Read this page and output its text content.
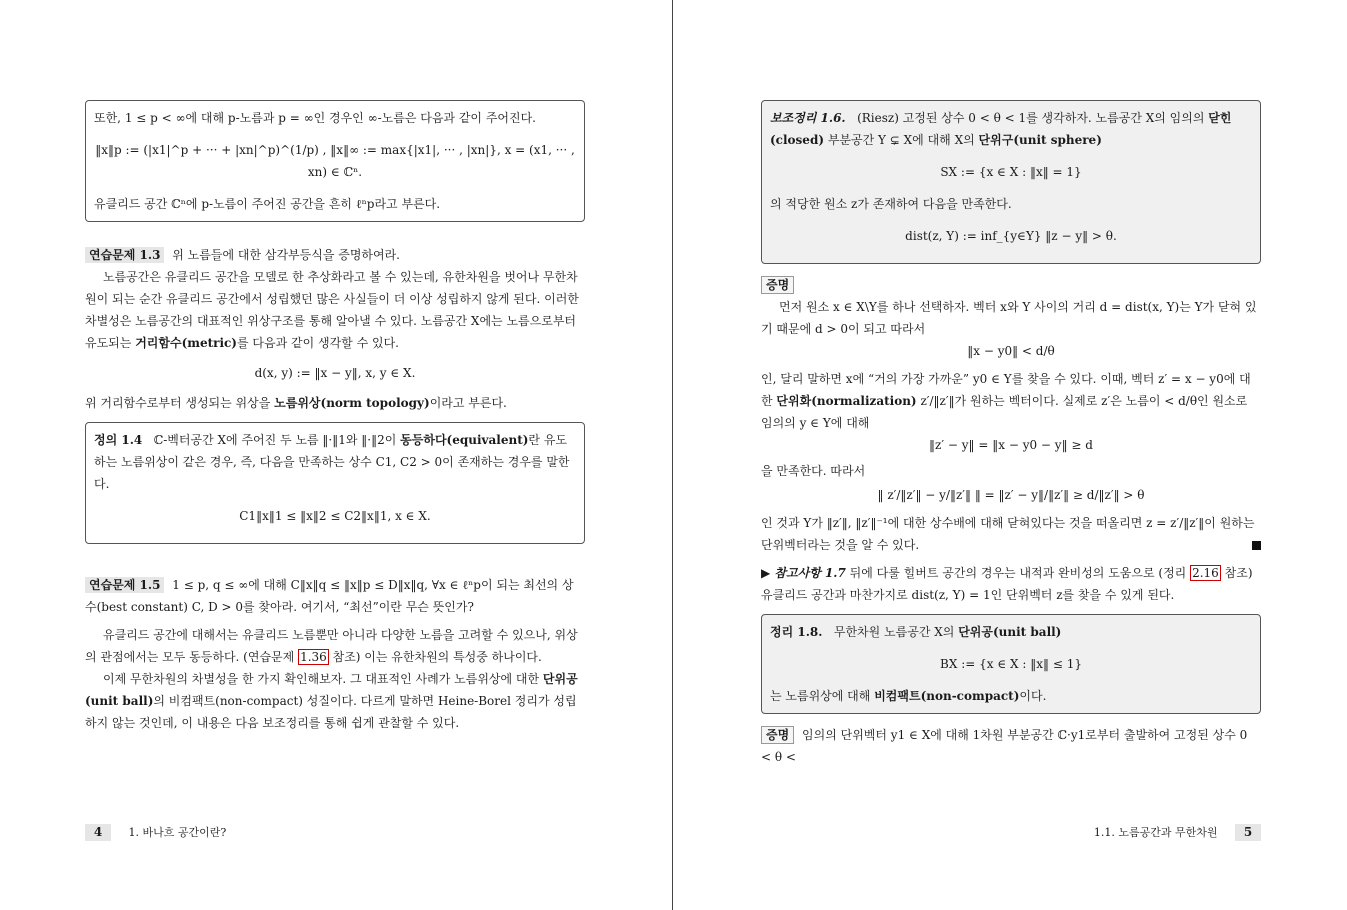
또한, 1 ≤ p < ∞에 대해 p-노름과 p = ∞인 경우인 ∞-노름은 다음과 같이 주어진다.

‖x‖p := (|x1|^p + ··· + |xn|^p)^(1/p) , ‖x‖∞ := max{|x1|, ··· , |xn|}, x = (x1, ··· , xn) ∈ ℂⁿ.

유클리드 공간 ℂⁿ에 p-노름이 주어진 공간을 흔히 ℓⁿp라고 부른다.

연습문제 1.3 위 노름들에 대한 삼각부등식을 증명하여라.

노름공간은 유클리드 공간을 모델로 한 추상화라고 볼 수 있는데, 유한차원을 벗어나 무한차원이 되는 순간 유클리드 공간에서 성립했던 많은 사실들이 더 이상 성립하지 않게 된다. 이러한 차별성은 노름공간의 대표적인 위상구조를 통해 알아낼 수 있다. 노름공간 X에는 노름으로부터 유도되는 거리함수(metric)를 다음과 같이 생각할 수 있다.

d(x, y) := ‖x − y‖, x, y ∈ X.

위 거리함수로부터 생성되는 위상을 노름위상(norm topology)이라고 부른다.

정의 1.4 ℂ-벡터공간 X에 주어진 두 노름 ‖·‖1와 ‖·‖2이 동등하다(equivalent)란 유도하는 노름위상이 같은 경우, 즉, 다음을 만족하는 상수 C1, C2 > 0이 존재하는 경우를 말한다.

C1‖x‖1 ≤ ‖x‖2 ≤ C2‖x‖1, x ∈ X.

연습문제 1.5 1 ≤ p, q ≤ ∞에 대해 C‖x‖q ≤ ‖x‖p ≤ D‖x‖q, ∀x ∈ ℓⁿp이 되는 최선의 상수(best constant) C, D > 0를 찾아라. 여기서, “최선”이란 무슨 뜻인가?

유클리드 공간에 대해서는 유클리드 노름뿐만 아니라 다양한 노름을 고려할 수 있으나, 위상의 관점에서는 모두 동등하다. (연습문제 1.36 참조) 이는 유한차원의 특성중 하나이다.

이제 무한차원의 차별성을 한 가지 확인해보자. 그 대표적인 사례가 노름위상에 대한 단위공(unit ball)의 비컴팩트(non-compact) 성질이다. 다르게 말하면 Heine-Borel 정리가 성립하지 않는 것인데, 이 내용은 다음 보조정리를 통해 쉽게 관찰할 수 있다.

4 1. 바나흐 공간이란?

보조정리 1.6. (Riesz) 고정된 상수 0 < θ < 1를 생각하자. 노름공간 X의 임의의 닫힌(closed) 부분공간 Y ⊊ X에 대해 X의 단위구(unit sphere)

SX := {x ∈ X : ‖x‖ = 1}

의 적당한 원소 z가 존재하여 다음을 만족한다.

dist(z, Y) := inf_{y∈Y} ‖z − y‖ > θ.

증명

먼저 원소 x ∈ X\Y를 하나 선택하자. 벡터 x와 Y 사이의 거리 d = dist(x, Y)는 Y가 닫혀 있기 때문에 d > 0이 되고 따라서

‖x − y0‖ < d/θ

인, 달리 말하면 x에 “거의 가장 가까운” y0 ∈ Y를 찾을 수 있다. 이때, 벡터 z′ = x − y0에 대한 단위화(normalization) z′/‖z′‖가 원하는 벡터이다. 실제로 z′은 노름이 < d/θ인 원소로 임의의 y ∈ Y에 대해

‖z′ − y‖ = ‖x − y0 − y‖ ≥ d

을 만족한다. 따라서

‖ z′/‖z′‖ − y/‖z′‖ ‖ = ‖z′ − y‖/‖z′‖ ≥ d/‖z′‖ > θ

인 것과 Y가 ‖z′‖, ‖z′‖⁻¹에 대한 상수배에 대해 닫혀있다는 것을 떠올리면 z = z′/‖z′‖이 원하는 단위벡터라는 것을 알 수 있다.

▶ 참고사항 1.7 뒤에 다룰 힐버트 공간의 경우는 내적과 완비성의 도움으로 (정리 2.16 참조) 유클리드 공간과 마찬가지로 dist(z, Y) = 1인 단위벡터 z를 찾을 수 있게 된다.

정리 1.8. 무한차원 노름공간 X의 단위공(unit ball)

BX := {x ∈ X : ‖x‖ ≤ 1}

는 노름위상에 대해 비컴팩트(non-compact)이다.

증명 임의의 단위벡터 y1 ∈ X에 대해 1차원 부분공간 ℂ·y1로부터 출발하여 고정된 상수 0 < θ <

1.1. 노름공간과 무한차원 5
